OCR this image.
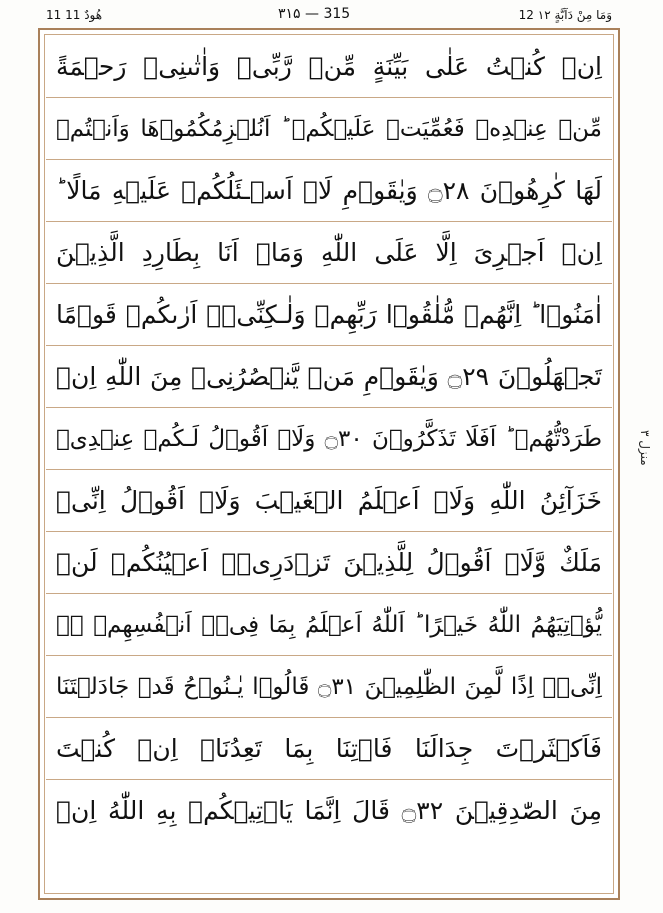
11 هُودٌ 11	۳۱۵ — 315	12 وَمَا مِنْ دَآبَّةٍ ۱۲
منزل ۳
اِنۡ كُنۡتُ عَلٰى بَيِّنَةٍ مِّنۡ رَّبِّىۡ وَاٰتٰٮنِىۡ رَحۡمَةً
مِّنۡ عِنۡدِهٖ فَعُمِّيَتۡ عَلَيۡكُمۡ ؕ اَنُلۡزِمُكُمُوۡهَا وَاَنۡتُمۡ
لَهَا كٰرِهُوۡنَ ۝۲۸ وَيٰقَوۡمِ لَاۤ اَسۡـئَلُكُمۡ عَلَيۡهِ مَالًا ؕ
اِنۡ اَجۡرِىَ اِلَّا عَلَى اللّٰهِ وَمَاۤ اَنَا بِطَارِدِ الَّذِيۡنَ
اٰمَنُوۡا ؕ اِنَّهُمۡ مُّلٰقُوۡا رَبِّهِمۡ وَلٰـكِنِّىۡۤ اَرٰٮكُمۡ قَوۡمًا
تَجۡهَلُوۡنَ ۝۲۹ وَيٰقَوۡمِ مَنۡ يَّنۡصُرُنِىۡ مِنَ اللّٰهِ اِنۡ
طَرَدْتُّهُمۡ ؕ اَفَلَا تَذَكَّرُوۡنَ ۝۳۰ وَلَاۤ اَقُوۡلُ لَـكُمۡ عِنۡدِىۡ
خَزَآئِنُ اللّٰهِ وَلَاۤ اَعۡلَمُ الۡغَيۡبَ وَلَاۤ اَقُوۡلُ اِنِّىۡ
مَلَكٌ وَّلَاۤ اَقُوۡلُ لِلَّذِيۡنَ تَزۡدَرِىۡۤ اَعۡيُنُكُمۡ لَنۡ
يُّؤۡتِيَهُمُ اللّٰهُ خَيۡرًا ؕ اَللّٰهُ اَعۡلَمُ بِمَا فِىۡۤ اَنۡفُسِهِمۡ ۖۚ
اِنِّىۡۤ اِذًا لَّمِنَ الظّٰلِمِيۡنَ ۝۳۱ قَالُوۡا يٰـنُوۡحُ قَدۡ جَادَلۡتَنَا
فَاَكۡثَرۡتَ جِدَالَنَا فَاۡتِنَا بِمَا تَعِدُنَاۤ اِنۡ كُنۡتَ
مِنَ الصّٰدِقِيۡنَ ۝۳۲ قَالَ اِنَّمَا يَاۡتِيۡكُمۡ بِهِ اللّٰهُ اِنۡ
